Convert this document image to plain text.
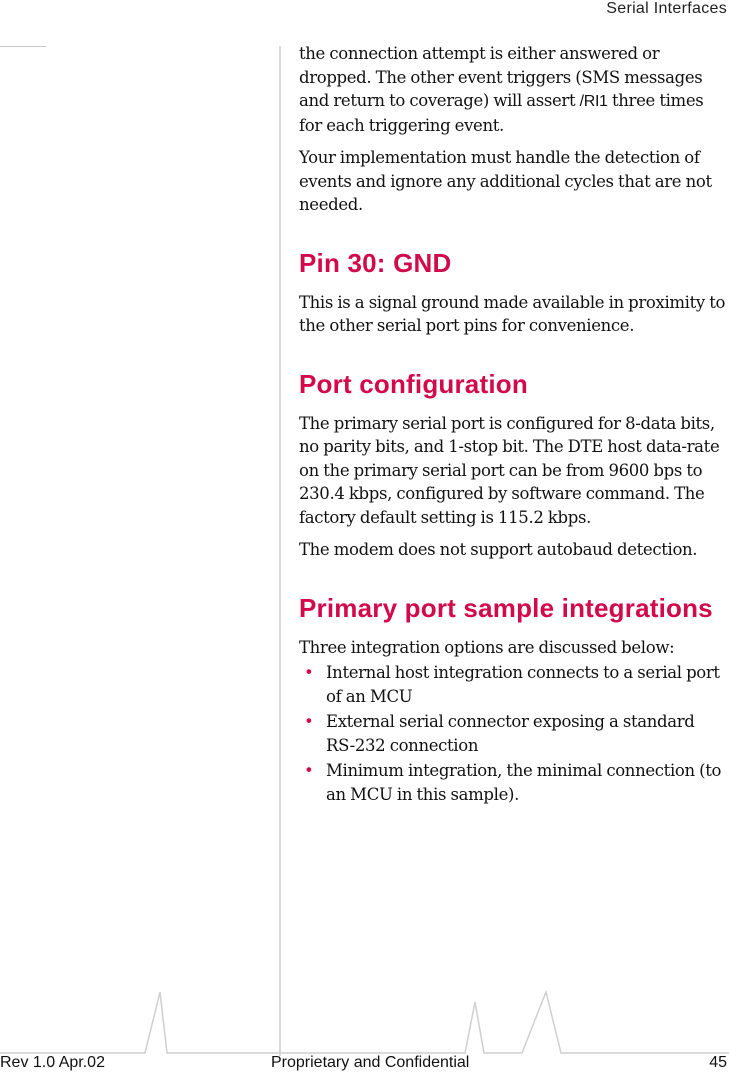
Serial Interfaces

the connection attempt is either answered or dropped. The other event triggers (SMS messages and return to coverage) will assert /RI1 three times for each triggering event.

Your implementation must handle the detection of events and ignore any additional cycles that are not needed.

Pin 30: GND

This is a signal ground made available in proximity to the other serial port pins for convenience.

Port configuration

The primary serial port is configured for 8-data bits, no parity bits, and 1-stop bit. The DTE host data-rate on the primary serial port can be from 9600 bps to 230.4 kbps, configured by software command. The factory default setting is 115.2 kbps.

The modem does not support autobaud detection.

Primary port sample integrations

Three integration options are discussed below:

• Internal host integration connects to a serial port of an MCU
• External serial connector exposing a standard RS-232 connection
• Minimum integration, the minimal connection (to an MCU in this sample).
Rev 1.0 Apr.02	Proprietary and Confidential	45
